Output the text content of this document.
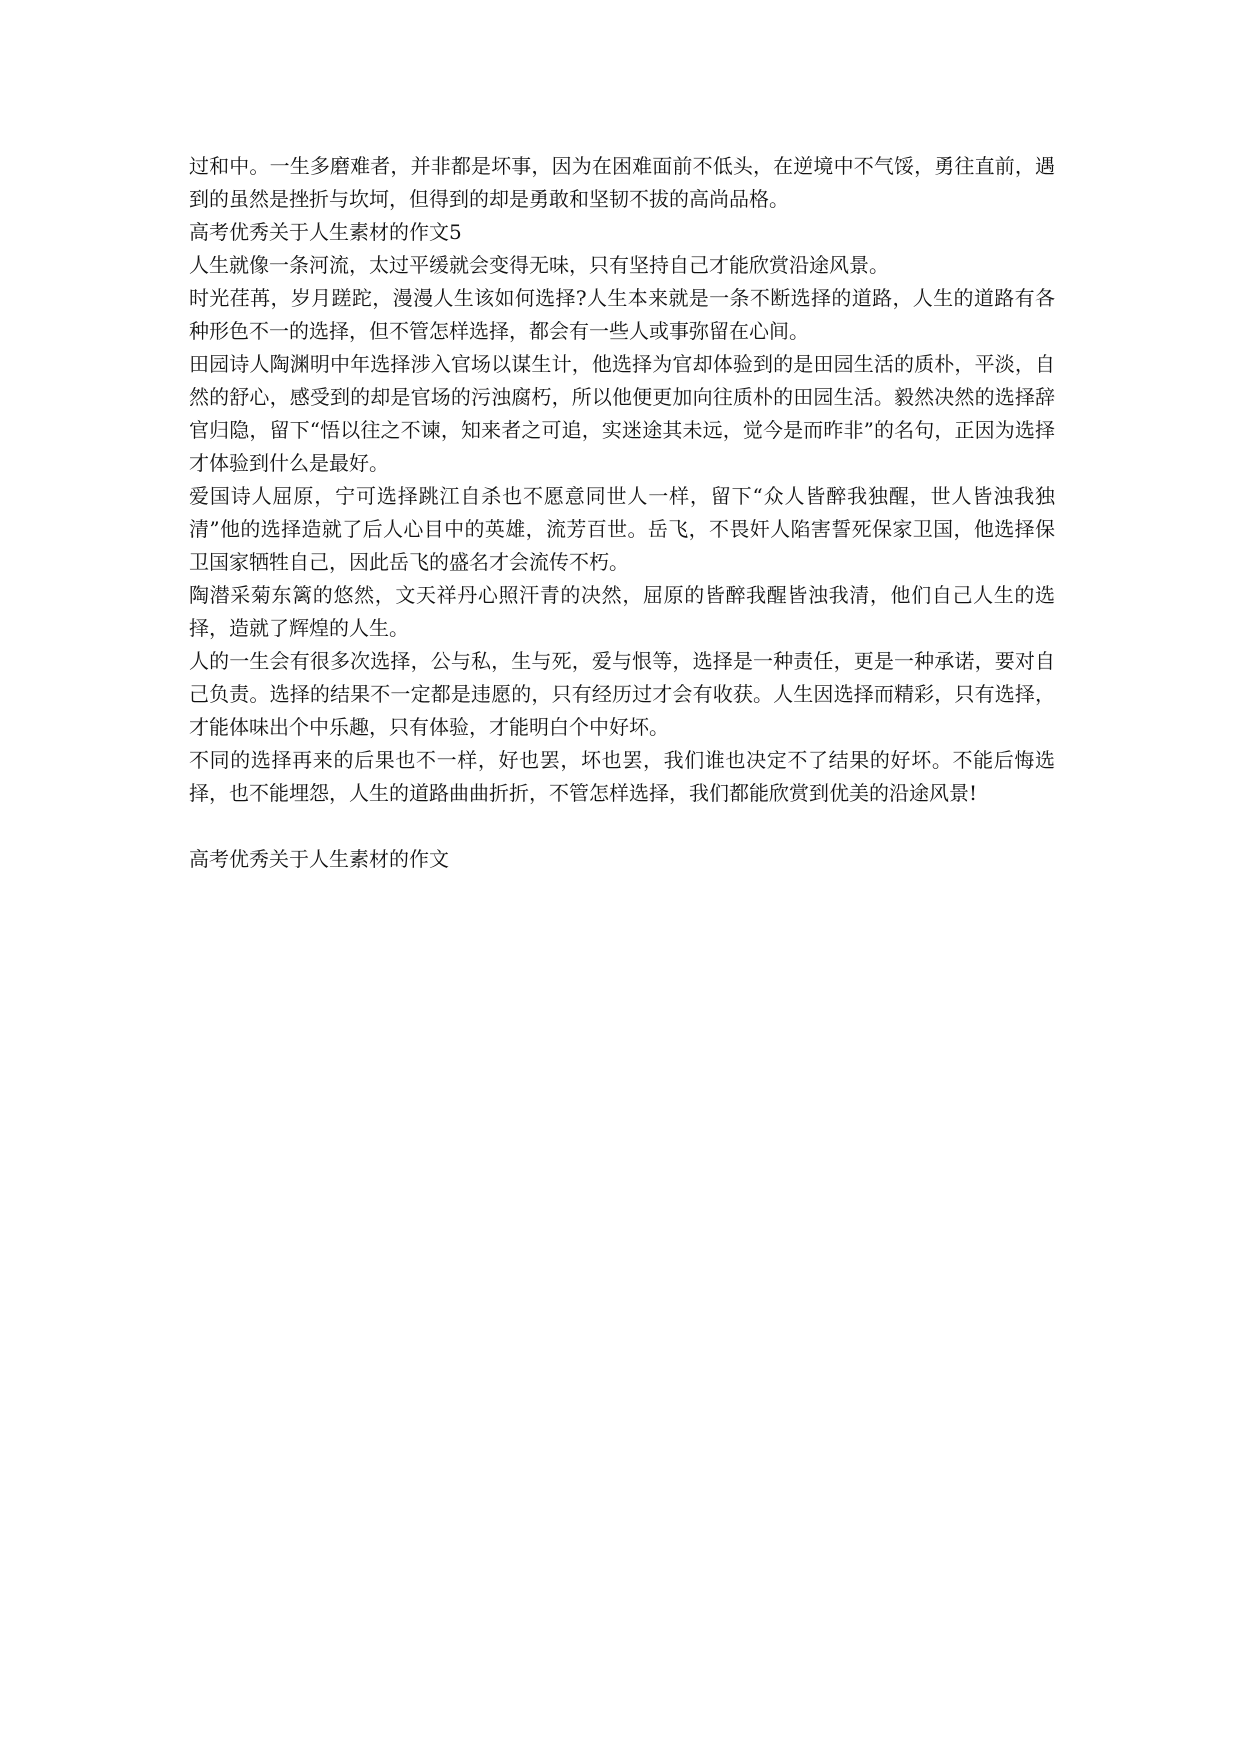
过和中。一生多磨难者，并非都是坏事，因为在困难面前不低头，在逆境中不气馁，勇往直前，遇到的虽然是挫折与坎坷，但得到的却是勇敢和坚韧不拔的高尚品格。

高考优秀关于人生素材的作文5

人生就像一条河流，太过平缓就会变得无味，只有坚持自己才能欣赏沿途风景。

时光荏苒，岁月蹉跎，漫漫人生该如何选择?人生本来就是一条不断选择的道路，人生的道路有各种形色不一的选择，但不管怎样选择，都会有一些人或事弥留在心间。

田园诗人陶渊明中年选择涉入官场以谋生计，他选择为官却体验到的是田园生活的质朴，平淡，自然的舒心，感受到的却是官场的污浊腐朽，所以他便更加向往质朴的田园生活。毅然决然的选择辞官归隐，留下“悟以往之不谏，知来者之可追，实迷途其未远，觉今是而昨非”的名句，正因为选择才体验到什么是最好。

爱国诗人屈原，宁可选择跳江自杀也不愿意同世人一样，留下“众人皆醉我独醒，世人皆浊我独清”他的选择造就了后人心目中的英雄，流芳百世。岳飞，不畏奸人陷害誓死保家卫国，他选择保卫国家牺牲自己，因此岳飞的盛名才会流传不朽。

陶潜采菊东篱的悠然，文天祥丹心照汗青的决然，屈原的皆醉我醒皆浊我清，他们自己人生的选择，造就了辉煌的人生。

人的一生会有很多次选择，公与私，生与死，爱与恨等，选择是一种责任，更是一种承诺，要对自己负责。选择的结果不一定都是违愿的，只有经历过才会有收获。人生因选择而精彩，只有选择，才能体味出个中乐趣，只有体验，才能明白个中好坏。

不同的选择再来的后果也不一样，好也罢，坏也罢，我们谁也决定不了结果的好坏。不能后悔选择，也不能埋怨，人生的道路曲曲折折，不管怎样选择，我们都能欣赏到优美的沿途风景!

高考优秀关于人生素材的作文
